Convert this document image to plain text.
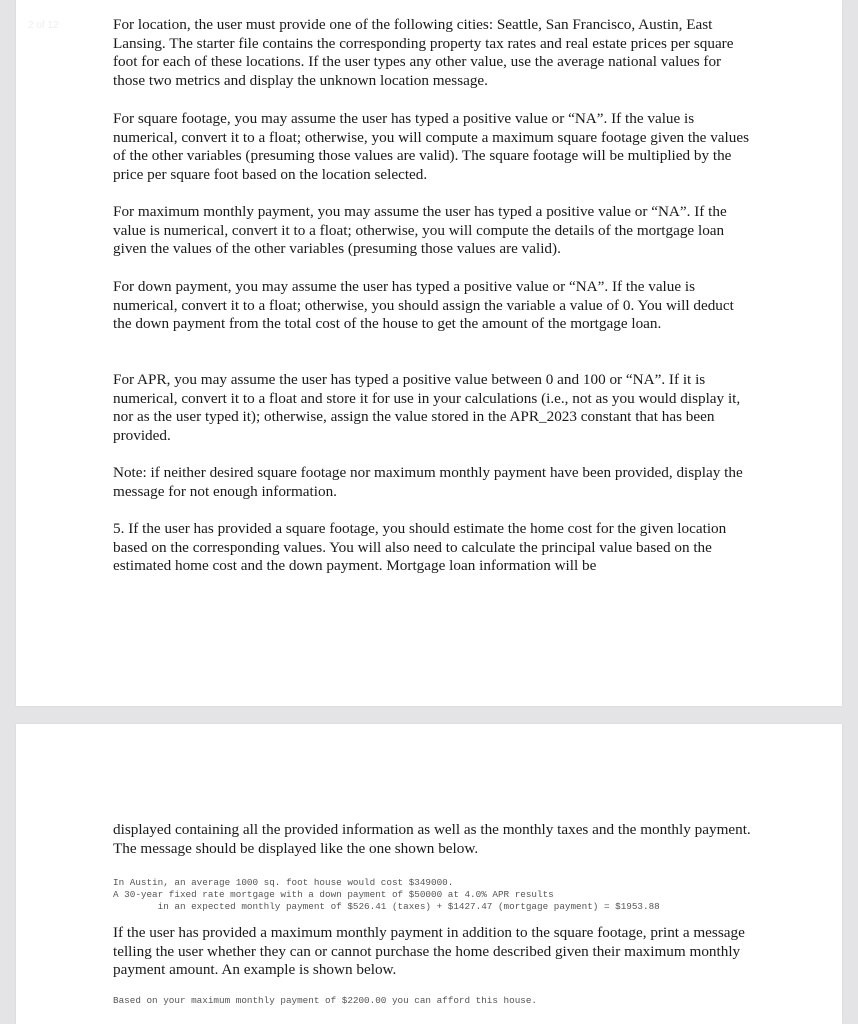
2 of 12	For location, the user must provide one of the following cities: Seattle, San Francisco, Austin, East Lansing. The starter file contains the corresponding property tax rates and real estate prices per square foot for each of these locations. If the user types any other value, use the average national values for those two metrics and display the unknown location message.

For square footage, you may assume the user has typed a positive value or “NA”. If the value is numerical, convert it to a float; otherwise, you will compute a maximum square footage given the values of the other variables (presuming those values are valid). The square footage will be multiplied by the price per square foot based on the location selected.

For maximum monthly payment, you may assume the user has typed a positive value or “NA”. If the value is numerical, convert it to a float; otherwise, you will compute the details of the mortgage loan given the values of the other variables (presuming those values are valid).

For down payment, you may assume the user has typed a positive value or “NA”. If the value is numerical, convert it to a float; otherwise, you should assign the variable a value of 0. You will deduct the down payment from the total cost of the house to get the amount of the mortgage loan.

For APR, you may assume the user has typed a positive value between 0 and 100 or “NA”. If it is numerical, convert it to a float and store it for use in your calculations (i.e., not as you would display it, nor as the user typed it); otherwise, assign the value stored in the APR_2023 constant that has been provided.

Note: if neither desired square footage nor maximum monthly payment have been provided, display the message for not enough information.

5. If the user has provided a square footage, you should estimate the home cost for the given location based on the corresponding values. You will also need to calculate the principal value based on the estimated home cost and the down payment. Mortgage loan information will be

displayed containing all the provided information as well as the monthly taxes and the monthly payment. The message should be displayed like the one shown below.

In Austin, an average 1000 sq. foot house would cost $349000.
A 30-year fixed rate mortgage with a down payment of $50000 at 4.0% APR results
in an expected monthly payment of $526.41 (taxes) + $1427.47 (mortgage payment) = $1953.88

If the user has provided a maximum monthly payment in addition to the square footage, print a message telling the user whether they can or cannot purchase the home described given their maximum monthly payment amount. An example is shown below.

Based on your maximum monthly payment of $2200.00 you can afford this house.
